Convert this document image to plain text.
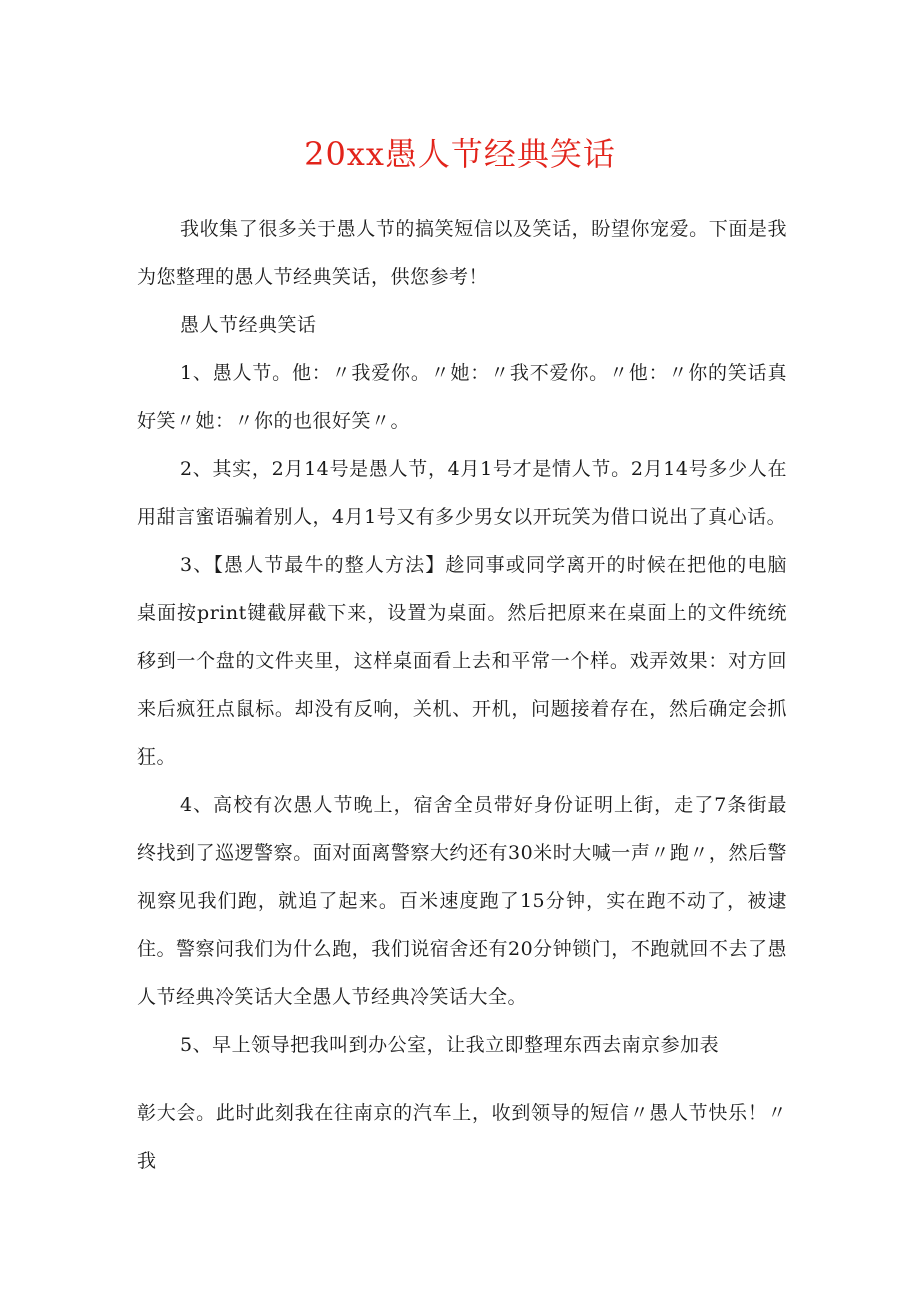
20xx愚人节经典笑话

我收集了很多关于愚人节的搞笑短信以及笑话，盼望你宠爱。下面是我为您整理的愚人节经典笑话，供您参考！

愚人节经典笑话

1、愚人节。他：〃我爱你。〃她：〃我不爱你。〃他：〃你的笑话真好笑〃她：〃你的也很好笑〃。

2、其实，2月14号是愚人节，4月1号才是情人节。2月14号多少人在用甜言蜜语骗着别人，4月1号又有多少男女以开玩笑为借口说出了真心话。

3、【愚人节最牛的整人方法】趁同事或同学离开的时候在把他的电脑桌面按print键截屏截下来，设置为桌面。然后把原来在桌面上的文件统统移到一个盘的文件夹里，这样桌面看上去和平常一个样。戏弄效果：对方回来后疯狂点鼠标。却没有反响，关机、开机，问题接着存在，然后确定会抓狂。

4、高校有次愚人节晚上，宿舍全员带好身份证明上街，走了7条街最终找到了巡逻警察。面对面离警察大约还有30米时大喊一声〃跑〃，然后警视察见我们跑，就追了起来。百米速度跑了15分钟，实在跑不动了，被逮住。警察问我们为什么跑，我们说宿舍还有20分钟锁门，不跑就回不去了愚人节经典冷笑话大全愚人节经典冷笑话大全。

5、早上领导把我叫到办公室，让我立即整理东西去南京参加表

彰大会。此时此刻我在往南京的汽车上，收到领导的短信〃愚人节快乐！〃我
